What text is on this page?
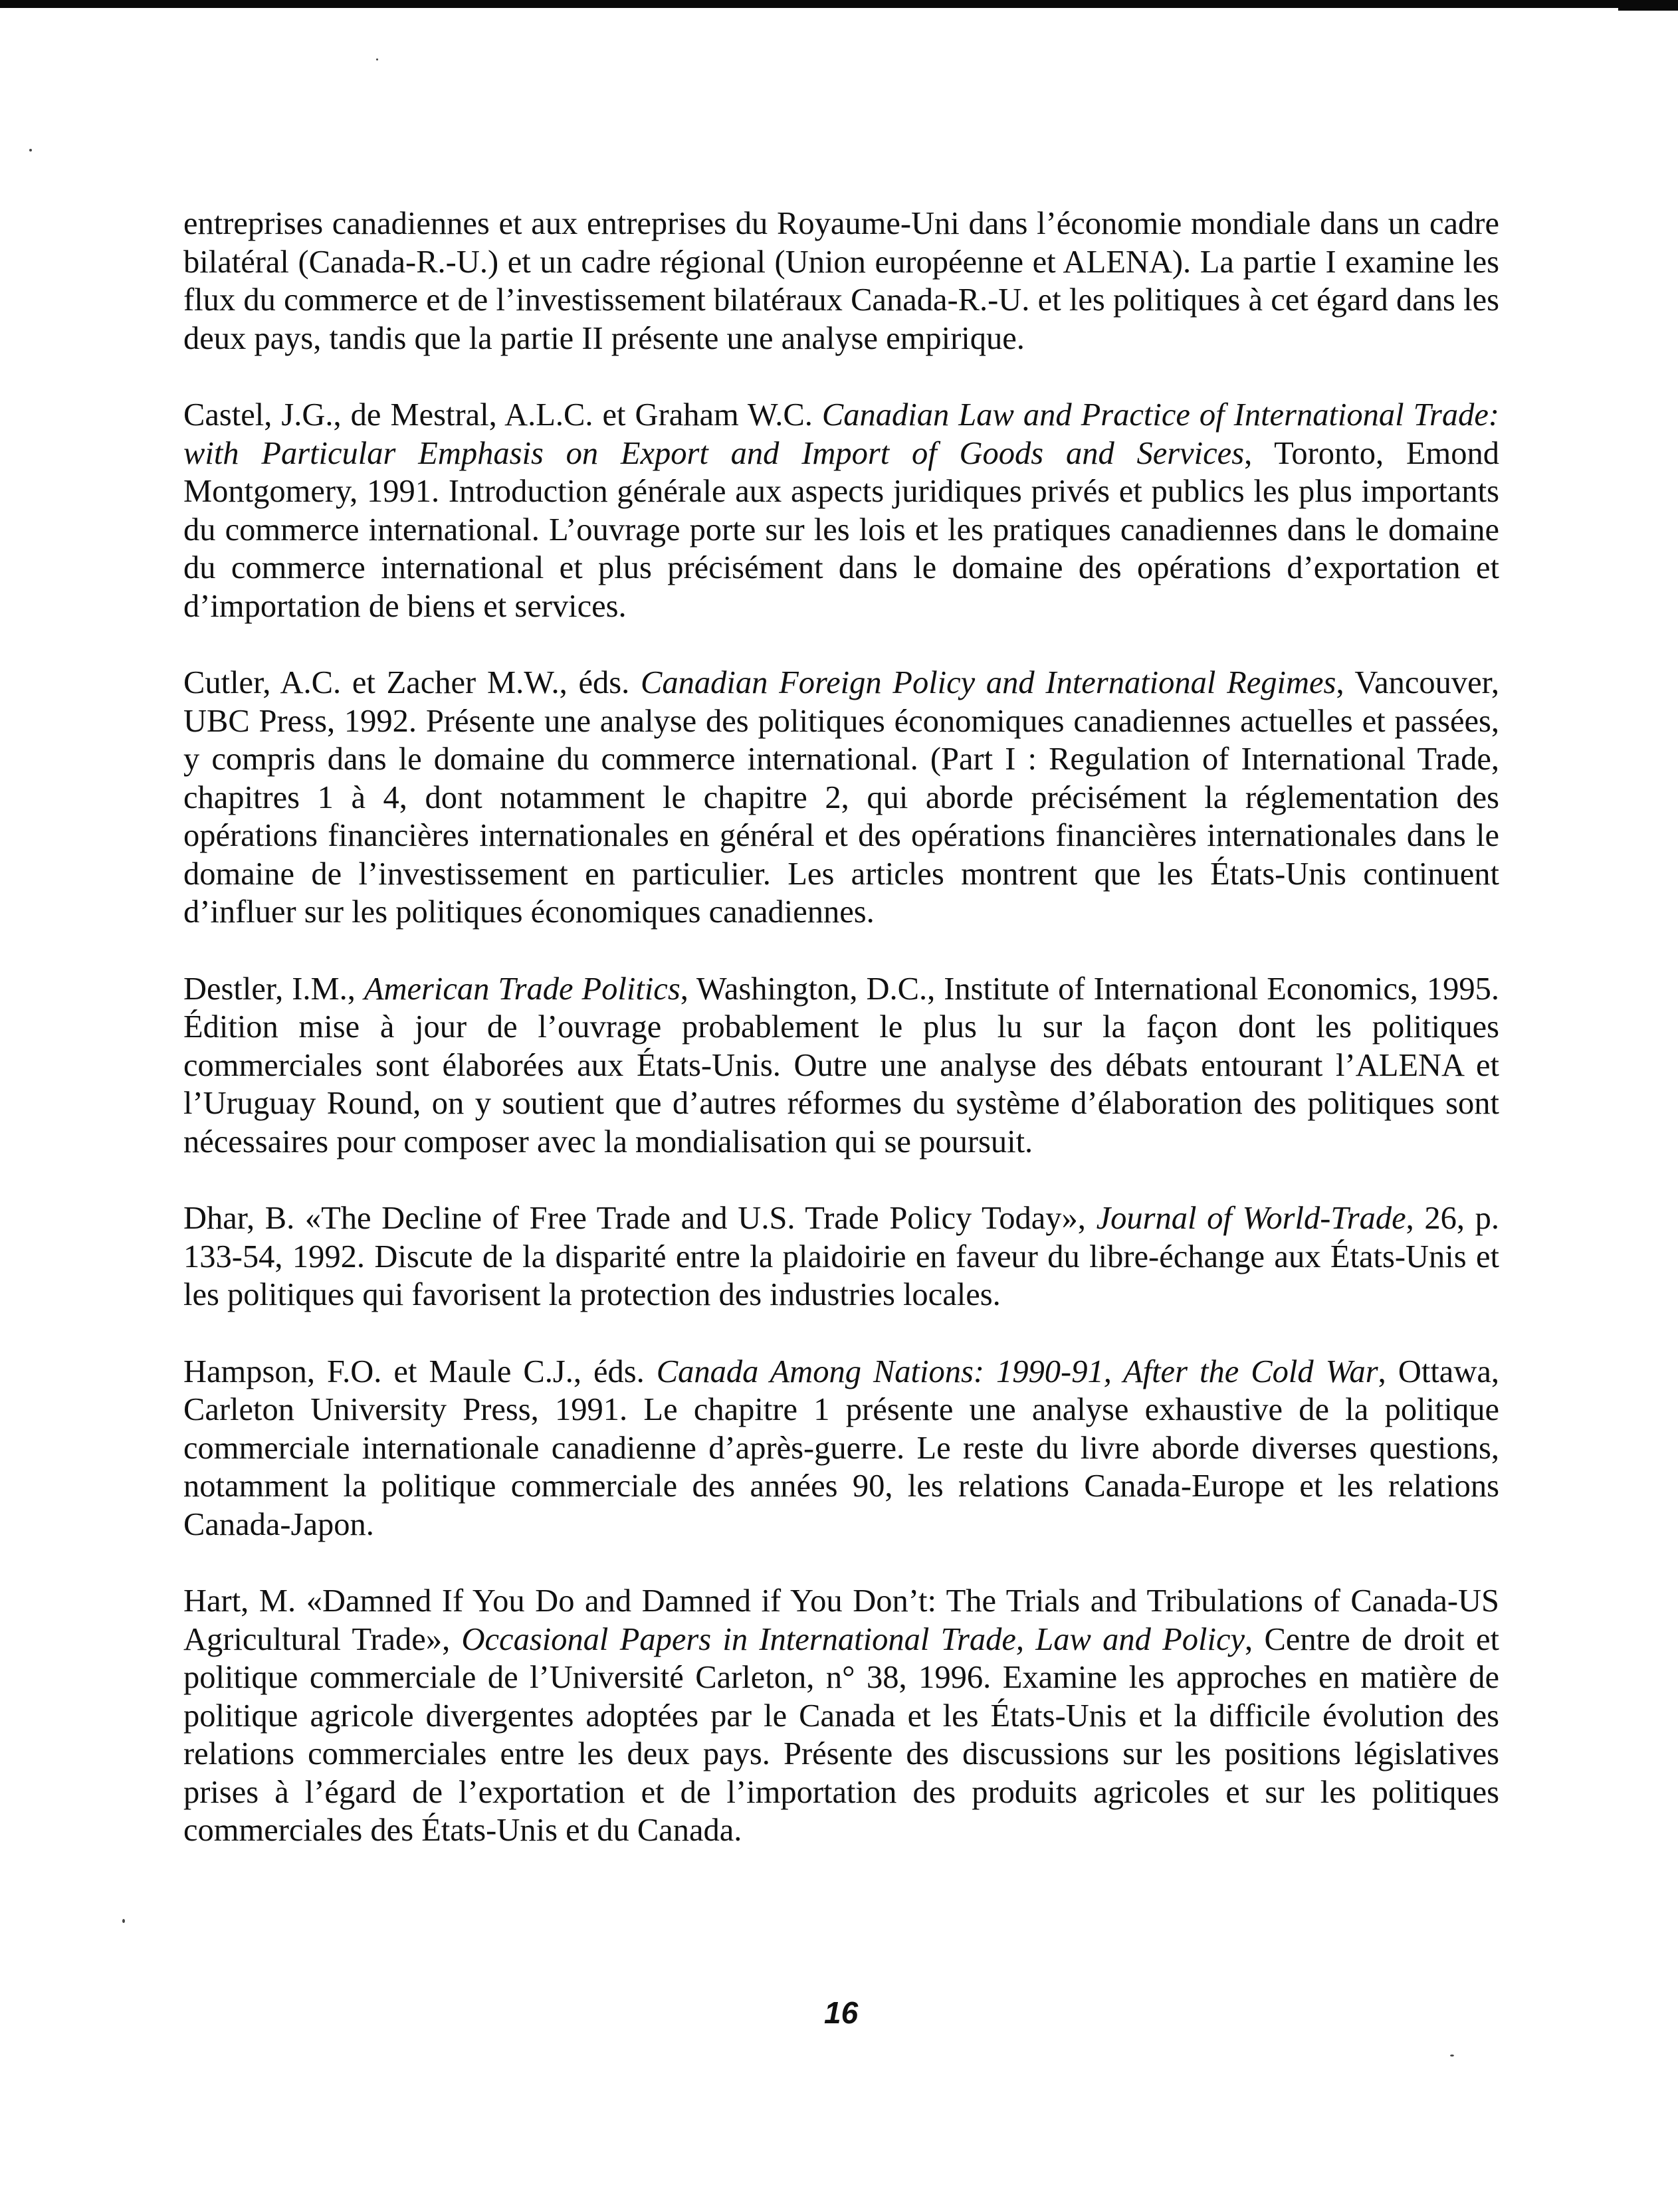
entreprises canadiennes et aux entreprises du Royaume-Uni dans l’économie mondiale dans un cadre bilatéral (Canada-R.-U.) et un cadre régional (Union européenne et ALENA). La partie I examine les flux du commerce et de l’investissement bilatéraux Canada-R.-U. et les politiques à cet égard dans les deux pays, tandis que la partie II présente une analyse empirique.

Castel, J.G., de Mestral, A.L.C. et Graham W.C. Canadian Law and Practice of International Trade: with Particular Emphasis on Export and Import of Goods and Services, Toronto, Emond Montgomery, 1991. Introduction générale aux aspects juridiques privés et publics les plus importants du commerce international. L’ouvrage porte sur les lois et les pratiques canadiennes dans le domaine du commerce international et plus précisément dans le domaine des opérations d’exportation et d’importation de biens et services.

Cutler, A.C. et Zacher M.W., éds. Canadian Foreign Policy and International Regimes, Vancouver, UBC Press, 1992. Présente une analyse des politiques économiques canadiennes actuelles et passées, y compris dans le domaine du commerce international. (Part I : Regulation of International Trade, chapitres 1 à 4, dont notamment le chapitre 2, qui aborde précisément la réglementation des opérations financières internationales en général et des opérations financières internationales dans le domaine de l’investissement en particulier. Les articles montrent que les États-Unis continuent d’influer sur les politiques économiques canadiennes.

Destler, I.M., American Trade Politics, Washington, D.C., Institute of International Economics, 1995. Édition mise à jour de l’ouvrage probablement le plus lu sur la façon dont les politiques commerciales sont élaborées aux États-Unis. Outre une analyse des débats entourant l’ALENA et l’Uruguay Round, on y soutient que d’autres réformes du système d’élaboration des politiques sont nécessaires pour composer avec la mondialisation qui se poursuit.

Dhar, B. «The Decline of Free Trade and U.S. Trade Policy Today», Journal of World-Trade, 26, p. 133-54, 1992. Discute de la disparité entre la plaidoirie en faveur du libre-échange aux États-Unis et les politiques qui favorisent la protection des industries locales.

Hampson, F.O. et Maule C.J., éds. Canada Among Nations: 1990-91, After the Cold War, Ottawa, Carleton University Press, 1991. Le chapitre 1 présente une analyse exhaustive de la politique commerciale internationale canadienne d’après-guerre. Le reste du livre aborde diverses questions, notamment la politique commerciale des années 90, les relations Canada-Europe et les relations Canada-Japon.

Hart, M. «Damned If You Do and Damned if You Don’t: The Trials and Tribulations of Canada-US Agricultural Trade», Occasional Papers in International Trade, Law and Policy, Centre de droit et politique commerciale de l’Université Carleton, n° 38, 1996. Examine les approches en matière de politique agricole divergentes adoptées par le Canada et les États-Unis et la difficile évolution des relations commerciales entre les deux pays. Présente des discussions sur les positions législatives prises à l’égard de l’exportation et de l’importation des produits agricoles et sur les politiques commerciales des États-Unis et du Canada.

16
